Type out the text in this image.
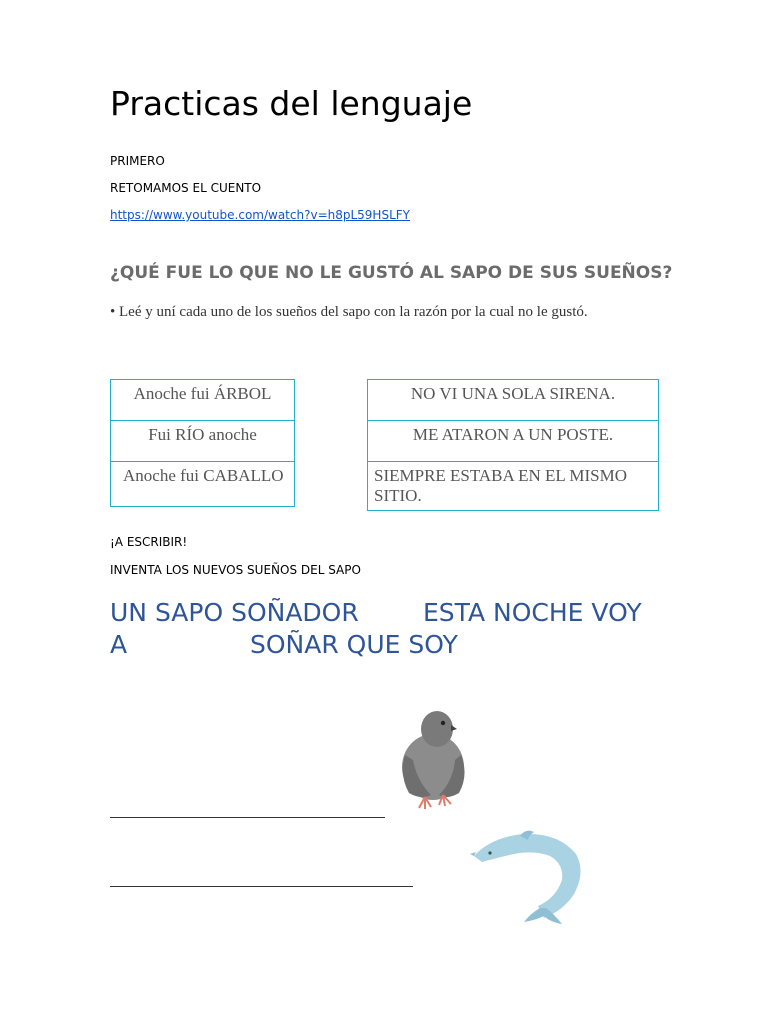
Practicas del lenguaje
PRIMERO
RETOMAMOS EL CUENTO
https://www.youtube.com/watch?v=h8pL59HSLFY
¿QUÉ FUE LO QUE NO LE GUSTÓ AL SAPO DE SUS SUEÑOS?
• Leé y uní cada uno de los sueños del sapo con la razón por la cual no le gustó.
Anoche fui ÁRBOL
Fui RÍO anoche
Anoche fui CABALLO
NO VI UNA SOLA SIRENA.
ME ATARON A UN POSTE.
SIEMPRE ESTABA EN EL MISMO SITIO.
¡A ESCRIBIR!
INVENTA LOS NUEVOS SUEÑOS DEL SAPO
UN SAPO SOÑADOR	ESTA NOCHE VOY
A	SOÑAR QUE SOY
